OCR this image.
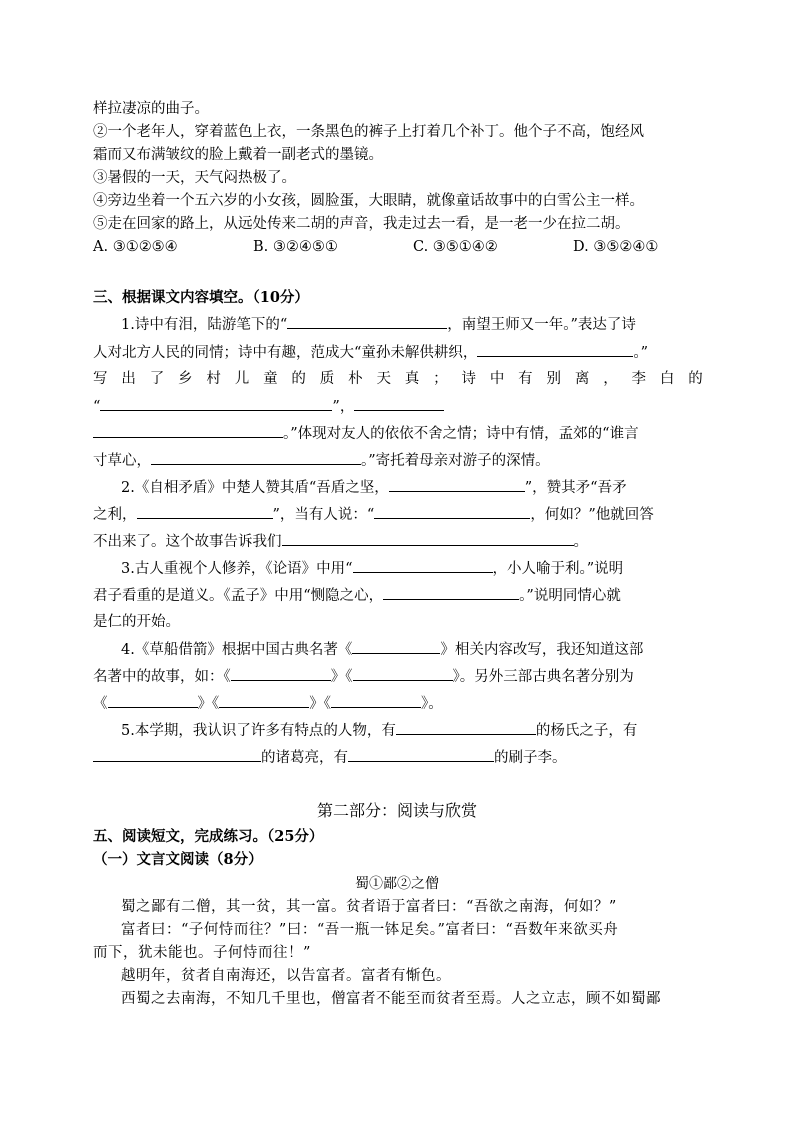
样拉凄凉的曲子。
②一个老年人，穿着蓝色上衣，一条黑色的裤子上打着几个补丁。他个子不高，饱经风
霜而又布满皱纹的脸上戴着一副老式的墨镜。
③暑假的一天，天气闷热极了。
④旁边坐着一个五六岁的小女孩，圆脸蛋，大眼睛，就像童话故事中的白雪公主一样。
⑤走在回家的路上，从远处传来二胡的声音，我走过去一看，是一老一少在拉二胡。
A. ③①②⑤④	B. ③②④⑤①	C. ③⑤①④②	D. ③⑤②④①
三、根据课文内容填空。（10分）
1.诗中有泪，陆游笔下的“	，南望王师又一年。”表达了诗
人对北方人民的同情；诗中有趣，范成大“童孙未解供耕织，	。”
写 出 了 乡 村 儿 童 的 质 朴 天 真 ； 诗 中 有 别 离 ， 李 白 的
“	”，
。”体现对友人的依依不舍之情；诗中有情，孟郊的“谁言
寸草心，	。”寄托着母亲对游子的深情。
2.《自相矛盾》中楚人赞其盾“吾盾之坚，	”，赞其矛“吾矛
之利，	”，当有人说：“	，何如？”他就回答
不出来了。这个故事告诉我们	。
3.古人重视个人修养，《论语》中用“	，小人喻于利。”说明
君子看重的是道义。《孟子》中用“恻隐之心，	。”说明同情心就
是仁的开始。
4.《草船借箭》根据中国古典名著《	》相关内容改写，我还知道这部
名著中的故事，如：《	》《	》。另外三部古典名著分别为
《	》《	》《	》。
5.本学期，我认识了许多有特点的人物，有	的杨氏之子，有
的诸葛亮，有	的刷子李。
第二部分：阅读与欣赏
五、阅读短文，完成练习。（25分）
（一）文言文阅读（8分）
蜀①鄙②之僧
蜀之鄙有二僧，其一贫，其一富。贫者语于富者曰：“吾欲之南海，何如？”
富者曰：“子何恃而往？”曰：“吾一瓶一钵足矣。”富者曰：“吾数年来欲买舟
而下，犹未能也。子何恃而往！”
越明年，贫者自南海还，以告富者。富者有惭色。
西蜀之去南海，不知几千里也，僧富者不能至而贫者至焉。人之立志，顾不如蜀鄙
